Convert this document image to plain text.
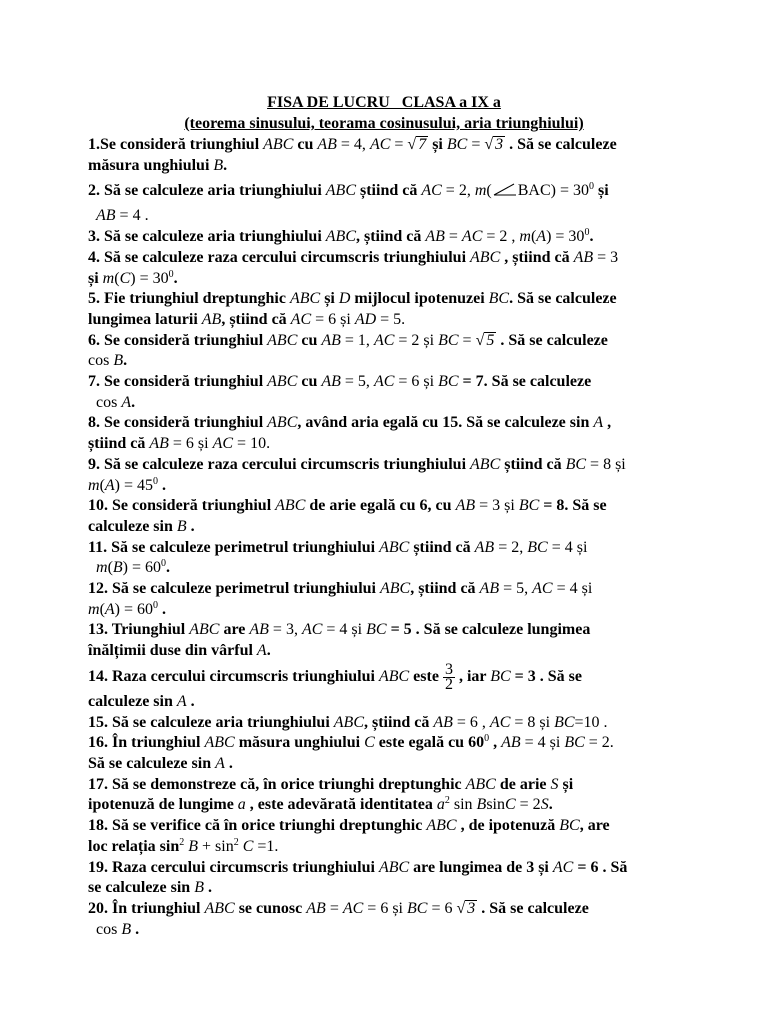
FISA DE LUCRU   CLASA a IX a
(teorema sinusului, teorama cosinusului, aria triunghiului)

1.Se consideră triunghiul ABC cu AB = 4, AC = √ 7 și BC = √ 3 . Să se calculeze

măsura unghiului B.

2. Să se calculeze aria triunghiului ABC știind că AC = 2, m( $BAC) = 30^0$ și

AB = 4 .

3. Să se calculeze aria triunghiului ABC, știind că AB = AC = 2 , $m(A) = 30^0$.

4. Să se calculeze raza cercului circumscris triunghiului ABC , știind că AB = 3

și $m(C) = 30^0$.

5. Fie triunghiul dreptunghic ABC și D mijlocul ipotenuzei BC. Să se calculeze

lungimea laturii AB, știind că AC = 6 și AD = 5.

6. Se consideră triunghiul ABC cu AB = 1, AC = 2 și BC = √ 5 . Să se calculeze

cos B.

7. Se consideră triunghiul ABC cu AB = 5, AC = 6 și BC = 7. Să se calculeze

cos A.

8. Se consideră triunghiul ABC, având aria egală cu 15. Să se calculeze sin A ,

știind că AB = 6 și AC = 10.

9. Să se calculeze raza cercului circumscris triunghiului ABC știind că BC = 8 și

$m(A) = 45^0$ .

10. Se consideră triunghiul ABC de arie egală cu 6, cu AB = 3 și BC = 8. Să se

calculeze sin B .

11. Să se calculeze perimetrul triunghiului ABC știind că AB = 2, BC = 4 și

$m(B) = 60^0$.

12. Să se calculeze perimetrul triunghiului ABC, știind că AB = 5, AC = 4 și

$m(A) = 60^0$ .

13. Triunghiul ABC are AB = 3, AC = 4 și BC = 5 . Să se calculeze lungimea

înălțimii duse din vârful A.

14. Raza cercului circumscris triunghiului ABC este $\frac{3}{2}$ , iar BC = 3 . Să se

calculeze sin A .

15. Să se calculeze aria triunghiului ABC, știind că AB = 6 , AC = 8 și BC=10 .

16. În triunghiul ABC măsura unghiului C este egală cu $60^0$ , AB = 4 și BC = 2.

Să se calculeze sin A .

17. Să se demonstreze că, în orice triunghi dreptunghic ABC de arie S și

ipotenuză de lungime a , este adevărată identitatea $a^2$ sin BsinC = 2S.

18. Să se verifice că în orice triunghi dreptunghic ABC , de ipotenuză BC, are

loc relația $\sin^2 B + \sin^2 C =1$.

19. Raza cercului circumscris triunghiului ABC are lungimea de 3 și AC = 6 . Să

se calculeze sin B .

20. În triunghiul ABC se cunosc AB = AC = 6 și BC = 6 √ 3 . Să se calculeze

cos B .
